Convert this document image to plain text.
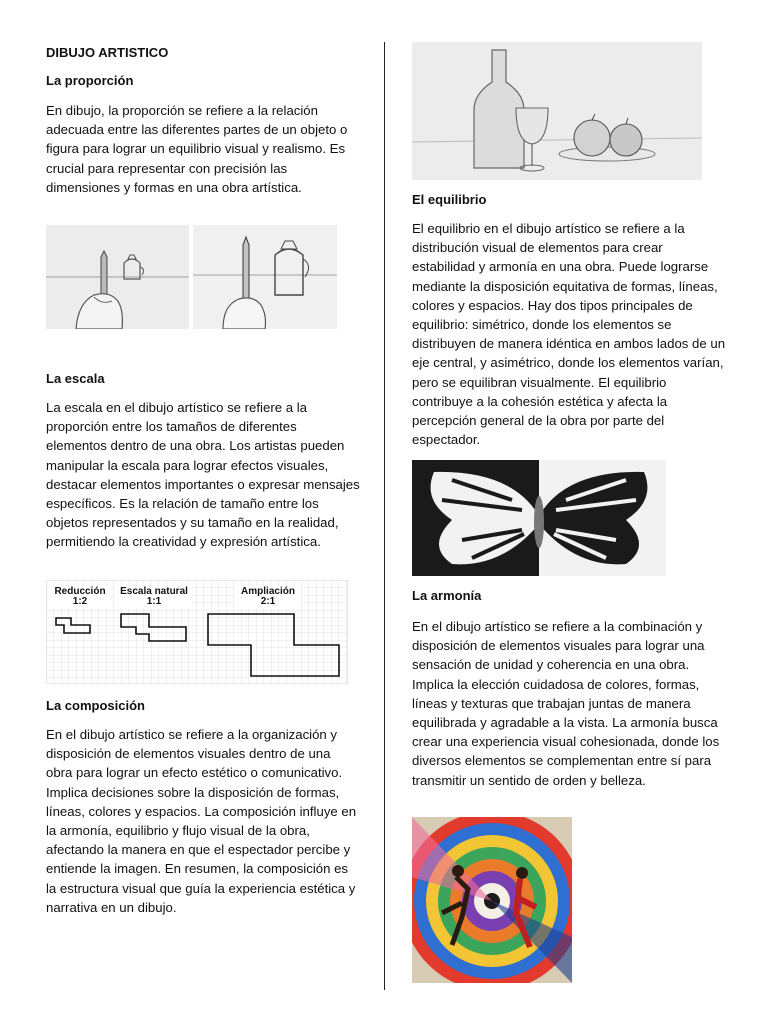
DIBUJO ARTISTICO
La proporción

En dibujo, la proporción se refiere a la relación adecuada entre las diferentes partes de un objeto o figura para lograr un equilibrio visual y realismo. Es crucial para representar con precisión las dimensiones y formas en una obra artística.

La escala

La escala en el dibujo artístico se refiere a la proporción entre los tamaños de diferentes elementos dentro de una obra. Los artistas pueden manipular la escala para lograr efectos visuales, destacar elementos importantes o expresar mensajes específicos. Es la relación de tamaño entre los objetos representados y su tamaño en la realidad, permitiendo la creatividad y expresión artística.

Reducción
1:2
Escala natural
1:1
Ampliación
2:1
La composición

En el dibujo artístico se refiere a la organización y disposición de elementos visuales dentro de una obra para lograr un efecto estético o comunicativo. Implica decisiones sobre la disposición de formas, líneas, colores y espacios. La composición influye en la armonía, equilibrio y flujo visual de la obra, afectando la manera en que el espectador percibe y entiende la imagen. En resumen, la composición es la estructura visual que guía la experiencia estética y narrativa en un dibujo.

El equilibrio

El equilibrio en el dibujo artístico se refiere a la distribución visual de elementos para crear estabilidad y armonía en una obra. Puede lograrse mediante la disposición equitativa de formas, líneas, colores y espacios. Hay dos tipos principales de equilibrio: simétrico, donde los elementos se distribuyen de manera idéntica en ambos lados de un eje central, y asimétrico, donde los elementos varían, pero se equilibran visualmente. El equilibrio contribuye a la cohesión estética y afecta la percepción general de la obra por parte del espectador.

La armonía

En el dibujo artístico se refiere a la combinación y disposición de elementos visuales para lograr una sensación de unidad y coherencia en una obra. Implica la elección cuidadosa de colores, formas, líneas y texturas que trabajan juntas de manera equilibrada y agradable a la vista. La armonía busca crear una experiencia visual cohesionada, donde los diversos elementos se complementan entre sí para transmitir un sentido de orden y belleza.
